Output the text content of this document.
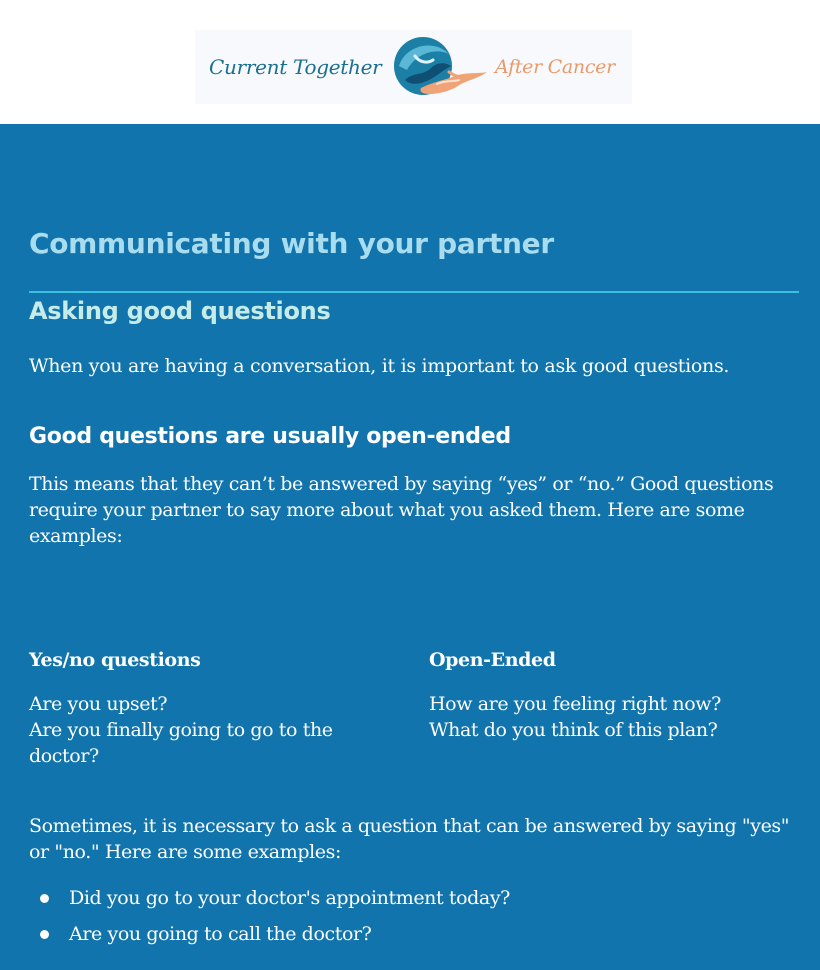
Current Together	After Cancer
Communicating with your partner
Asking good questions

When you are having a conversation, it is important to ask good questions.

Good questions are usually open-ended

This means that they can’t be answered by saying “yes” or “no.” Good questions require your partner to say more about what you asked them. Here are some examples:

Yes/no questions

Are you upset?
Are you finally going to go to the doctor?

Open-Ended

How are you feeling right now?
What do you think of this plan?

Sometimes, it is necessary to ask a question that can be answered by saying "yes" or "no." Here are some examples:

Did you go to your doctor's appointment today?
Are you going to call the doctor?
